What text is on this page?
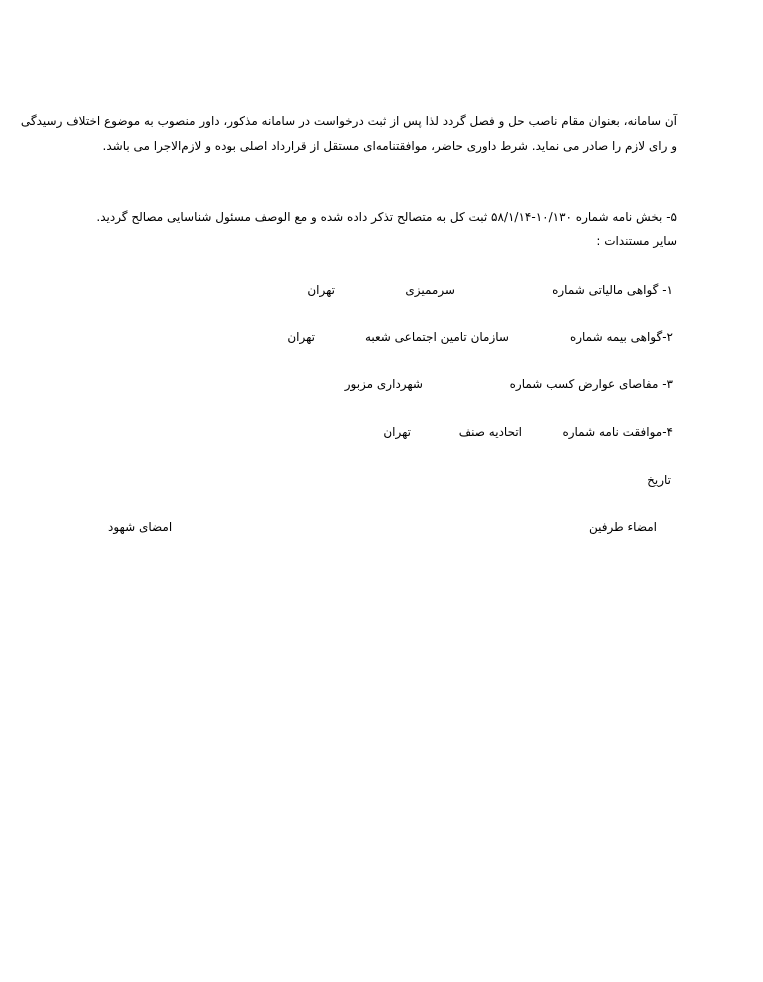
آن سامانه، بعنوان مقام ناصب حل و فصل گردد لذا پس از ثبت درخواست در سامانه مذکور، داور منصوب به موضوع اختلاف رسیدگی
و رای لازم را صادر می نماید. شرط داوری حاضر، موافقتنامه‌ای مستقل از قرارداد اصلی بوده و لازم‌الاجرا می باشد.
۵- بخش نامه شماره ۱۰/۱۳۰-۵۸/۱/۱۴ ثبت کل به متصالح تذکر داده شده و مع الوصف مسئول شناسایی مصالح گردید.
سایر مستندات :
۱- گواهی مالیاتی شماره
سرممیزی
تهران
۲-گواهی بیمه شماره
سازمان تامین اجتماعی شعبه
تهران
۳- مفاصای عوارض کسب شماره
شهرداری مزبور
۴-موافقت نامه شماره
اتحادیه صنف
تهران
تاریخ
امضاء طرفین
امضای شهود
